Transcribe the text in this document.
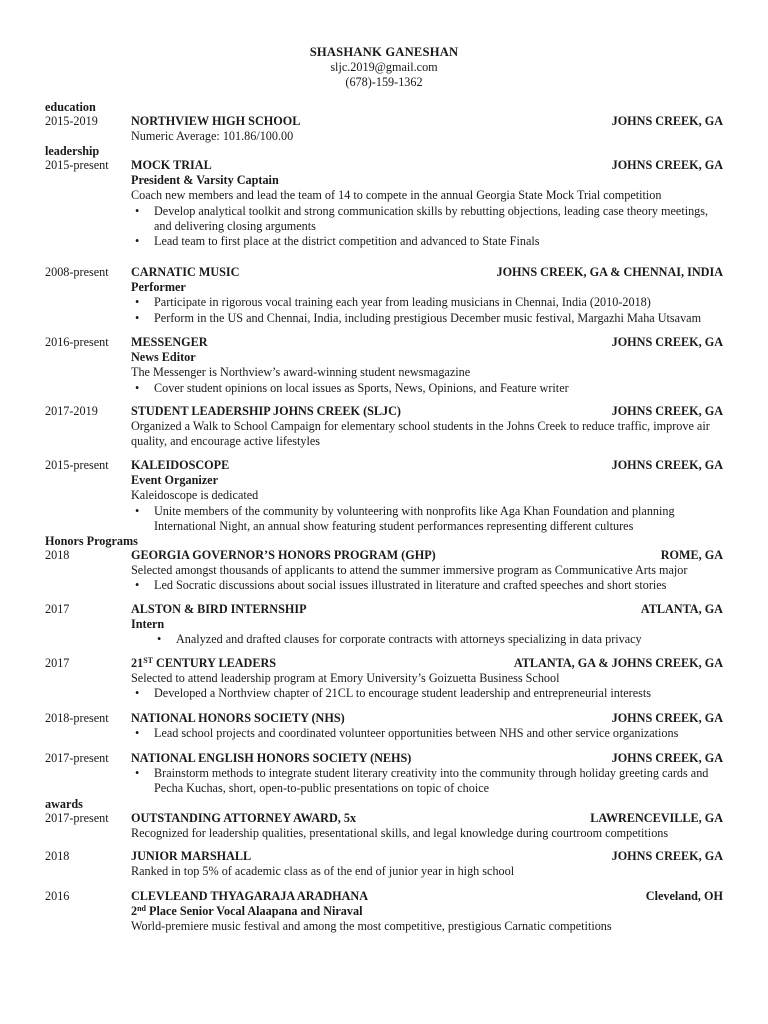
SHASHANK GANESHAN
sljc.2019@gmail.com
(678)-159-1362
education
2015-2019	NORTHVIEW HIGH SCHOOL	JOHNS CREEK, GA
Numeric Average: 101.86/100.00
leadership
2015-present	MOCK TRIAL	JOHNS CREEK, GA
President & Varsity Captain
Coach new members and lead the team of 14 to compete in the annual Georgia State Mock Trial competition
• Develop analytical toolkit and strong communication skills by rebutting objections, leading case theory meetings, and delivering closing arguments
• Lead team to first place at the district competition and advanced to State Finals
2008-present	CARNATIC MUSIC	JOHNS CREEK, GA & CHENNAI, INDIA
Performer
• Participate in rigorous vocal training each year from leading musicians in Chennai, India (2010-2018)
• Perform in the US and Chennai, India, including prestigious December music festival, Margazhi Maha Utsavam
2016-present	MESSENGER	JOHNS CREEK, GA
News Editor
The Messenger is Northview’s award-winning student newsmagazine
• Cover student opinions on local issues as Sports, News, Opinions, and Feature writer
2017-2019	STUDENT LEADERSHIP JOHNS CREEK (SLJC)	JOHNS CREEK, GA
Organized a Walk to School Campaign for elementary school students in the Johns Creek to reduce traffic, improve air quality, and encourage active lifestyles
2015-present	KALEIDOSCOPE	JOHNS CREEK, GA
Event Organizer
Kaleidoscope is dedicated
• Unite members of the community by volunteering with nonprofits like Aga Khan Foundation and planning International Night, an annual show featuring student performances representing different cultures
Honors Programs
2018	GEORGIA GOVERNOR’S HONORS PROGRAM (GHP)	ROME, GA
Selected amongst thousands of applicants to attend the summer immersive program as Communicative Arts major
• Led Socratic discussions about social issues illustrated in literature and crafted speeches and short stories
2017	ALSTON & BIRD INTERNSHIP	ATLANTA, GA
Intern
• Analyzed and drafted clauses for corporate contracts with attorneys specializing in data privacy
2017	21ST CENTURY LEADERS	ATLANTA, GA & JOHNS CREEK, GA
Selected to attend leadership program at Emory University’s Goizuetta Business School
• Developed a Northview chapter of 21CL to encourage student leadership and entrepreneurial interests
2018-present	NATIONAL HONORS SOCIETY (NHS)	JOHNS CREEK, GA
• Lead school projects and coordinated volunteer opportunities between NHS and other service organizations
2017-present	NATIONAL ENGLISH HONORS SOCIETY (NEHS)	JOHNS CREEK, GA
• Brainstorm methods to integrate student literary creativity into the community through holiday greeting cards and Pecha Kuchas, short, open-to-public presentations on topic of choice
awards
2017-present	OUTSTANDING ATTORNEY AWARD, 5x	LAWRENCEVILLE, GA
Recognized for leadership qualities, presentational skills, and legal knowledge during courtroom competitions
2018	JUNIOR MARSHALL	JOHNS CREEK, GA
Ranked in top 5% of academic class as of the end of junior year in high school
2016	CLEVLEAND THYAGARAJA ARADHANA	Cleveland, OH
2nd Place Senior Vocal Alaapana and Niraval
World-premiere music festival and among the most competitive, prestigious Carnatic competitions
